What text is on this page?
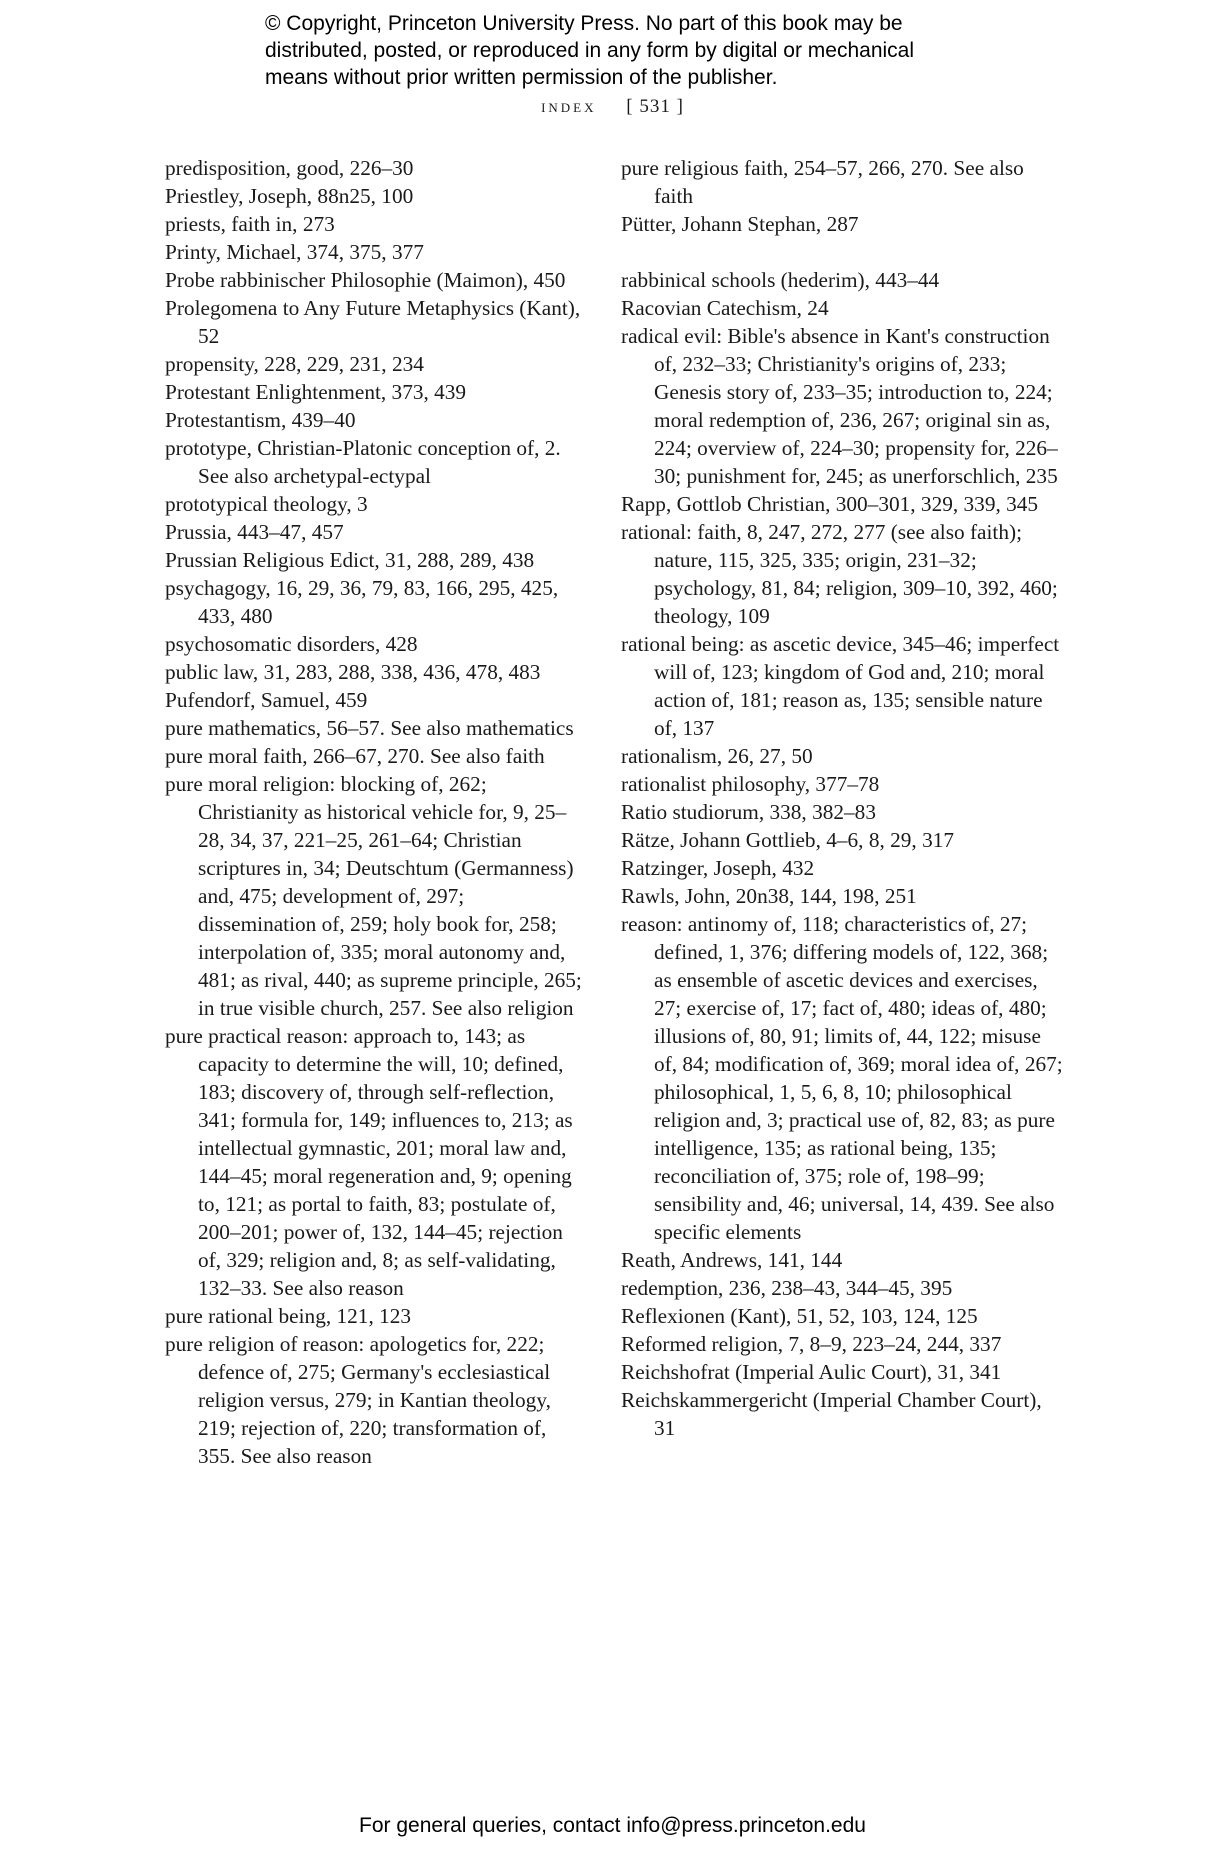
© Copyright, Princeton University Press. No part of this book may be
distributed, posted, or reproduced in any form by digital or mechanical
means without prior written permission of the publisher.
index [ 531 ]

predisposition, good, 226–30

Priestley, Joseph, 88n25, 100

priests, faith in, 273

Printy, Michael, 374, 375, 377

Probe rabbinischer Philosophie (Maimon), 450

Prolegomena to Any Future Metaphysics (Kant), 52

propensity, 228, 229, 231, 234

Protestant Enlightenment, 373, 439

Protestantism, 439–40

prototype, Christian-Platonic conception of, 2. See also archetypal-ectypal

prototypical theology, 3

Prussia, 443–47, 457

Prussian Religious Edict, 31, 288, 289, 438

psychagogy, 16, 29, 36, 79, 83, 166, 295, 425, 433, 480

psychosomatic disorders, 428

public law, 31, 283, 288, 338, 436, 478, 483

Pufendorf, Samuel, 459

pure mathematics, 56–57. See also mathematics

pure moral faith, 266–67, 270. See also faith

pure moral religion: blocking of, 262; Christianity as historical vehicle for, 9, 25–28, 34, 37, 221–25, 261–64; Christian scriptures in, 34; Deutschtum (Germanness) and, 475; development of, 297; dissemination of, 259; holy book for, 258; interpolation of, 335; moral autonomy and, 481; as rival, 440; as supreme principle, 265; in true visible church, 257. See also religion

pure practical reason: approach to, 143; as capacity to determine the will, 10; defined, 183; discovery of, through self-reflection, 341; formula for, 149; influences to, 213; as intellectual gymnastic, 201; moral law and, 144–45; moral regeneration and, 9; opening to, 121; as portal to faith, 83; postulate of, 200–201; power of, 132, 144–45; rejection of, 329; religion and, 8; as self-validating, 132–33. See also reason

pure rational being, 121, 123

pure religion of reason: apologetics for, 222; defence of, 275; Germany's ecclesiastical religion versus, 279; in Kantian theology, 219; rejection of, 220; transformation of, 355. See also reason

pure religious faith, 254–57, 266, 270. See also faith

Pütter, Johann Stephan, 287

rabbinical schools (hederim), 443–44

Racovian Catechism, 24

radical evil: Bible's absence in Kant's construction of, 232–33; Christianity's origins of, 233; Genesis story of, 233–35; introduction to, 224; moral redemption of, 236, 267; original sin as, 224; overview of, 224–30; propensity for, 226–30; punishment for, 245; as unerforschlich, 235

Rapp, Gottlob Christian, 300–301, 329, 339, 345

rational: faith, 8, 247, 272, 277 (see also faith); nature, 115, 325, 335; origin, 231–32; psychology, 81, 84; religion, 309–10, 392, 460; theology, 109

rational being: as ascetic device, 345–46; imperfect will of, 123; kingdom of God and, 210; moral action of, 181; reason as, 135; sensible nature of, 137

rationalism, 26, 27, 50

rationalist philosophy, 377–78

Ratio studiorum, 338, 382–83

Rätze, Johann Gottlieb, 4–6, 8, 29, 317

Ratzinger, Joseph, 432

Rawls, John, 20n38, 144, 198, 251

reason: antinomy of, 118; characteristics of, 27; defined, 1, 376; differing models of, 122, 368; as ensemble of ascetic devices and exercises, 27; exercise of, 17; fact of, 480; ideas of, 480; illusions of, 80, 91; limits of, 44, 122; misuse of, 84; modification of, 369; moral idea of, 267; philosophical, 1, 5, 6, 8, 10; philosophical religion and, 3; practical use of, 82, 83; as pure intelligence, 135; as rational being, 135; reconciliation of, 375; role of, 198–99; sensibility and, 46; universal, 14, 439. See also specific elements

Reath, Andrews, 141, 144

redemption, 236, 238–43, 344–45, 395

Reflexionen (Kant), 51, 52, 103, 124, 125

Reformed religion, 7, 8–9, 223–24, 244, 337

Reichshofrat (Imperial Aulic Court), 31, 341

Reichskammergericht (Imperial Chamber Court), 31

For general queries, contact info@press.princeton.edu
